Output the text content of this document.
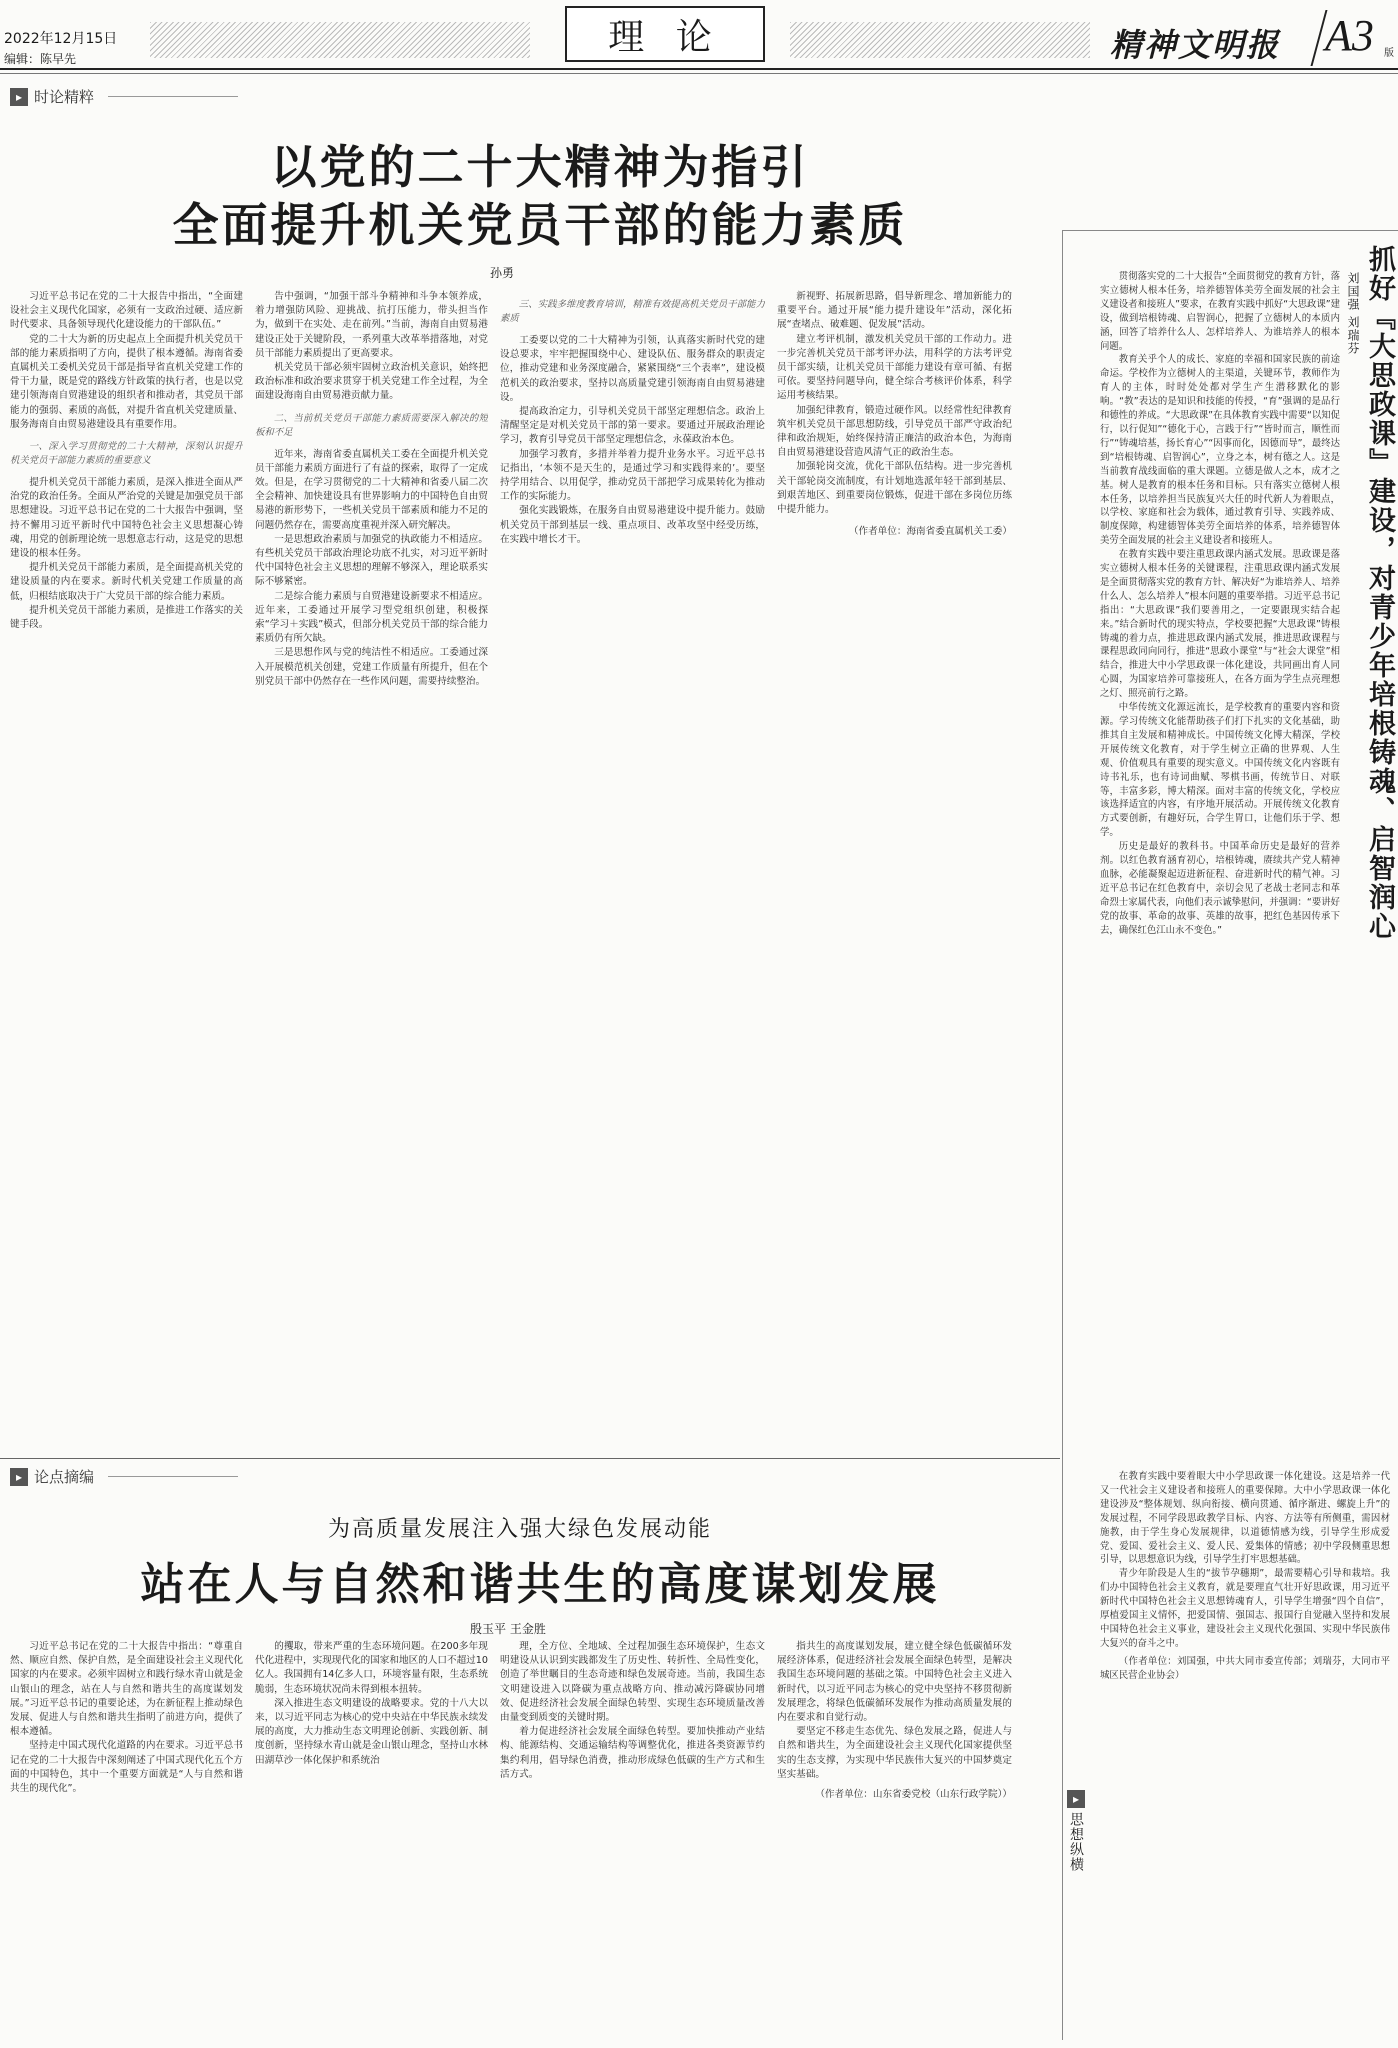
2022年12月15日
编辑：陈早先
理 论	精神文明报 A3 版
▸ 时论精粹
以党的二十大精神为指引
全面提升机关党员干部的能力素质
孙勇

习近平总书记在党的二十大报告中指出，“全面建设社会主义现代化国家，必须有一支政治过硬、适应新时代要求、具备领导现代化建设能力的干部队伍。”

党的二十大为新的历史起点上全面提升机关党员干部的能力素质指明了方向，提供了根本遵循。海南省委直属机关工委机关党员干部是指导省直机关党建工作的骨干力量，既是党的路线方针政策的执行者，也是以党建引领海南自贸港建设的组织者和推动者，其党员干部能力的强弱、素质的高低，对提升省直机关党建质量、服务海南自由贸易港建设具有重要作用。

一、深入学习贯彻党的二十大精神，深刻认识提升机关党员干部能力素质的重要意义

提升机关党员干部能力素质，是深入推进全面从严治党的政治任务。全面从严治党的关键是加强党员干部思想建设。习近平总书记在党的二十大报告中强调，坚持不懈用习近平新时代中国特色社会主义思想凝心铸魂，用党的创新理论统一思想意志行动，这是党的思想建设的根本任务。

提升机关党员干部能力素质，是全面提高机关党的建设质量的内在要求。新时代机关党建工作质量的高低，归根结底取决于广大党员干部的综合能力素质。

提升机关党员干部能力素质，是推进工作落实的关键手段。

告中强调，“加强干部斗争精神和斗争本领养成，着力增强防风险、迎挑战、抗打压能力，带头担当作为，做到干在实处、走在前列。”当前，海南自由贸易港建设正处于关键阶段，一系列重大改革举措落地，对党员干部能力素质提出了更高要求。

机关党员干部必须牢固树立政治机关意识，始终把政治标准和政治要求贯穿于机关党建工作全过程，为全面建设海南自由贸易港贡献力量。

二、当前机关党员干部能力素质需要深入解决的短板和不足

近年来，海南省委直属机关工委在全面提升机关党员干部能力素质方面进行了有益的探索，取得了一定成效。但是，在学习贯彻党的二十大精神和省委八届二次全会精神、加快建设具有世界影响力的中国特色自由贸易港的新形势下，一些机关党员干部素质和能力不足的问题仍然存在，需要高度重视并深入研究解决。

一是思想政治素质与加强党的执政能力不相适应。有些机关党员干部政治理论功底不扎实，对习近平新时代中国特色社会主义思想的理解不够深入，理论联系实际不够紧密。

二是综合能力素质与自贸港建设新要求不相适应。近年来，工委通过开展学习型党组织创建，积极探索“学习＋实践”模式，但部分机关党员干部的综合能力素质仍有所欠缺。

三是思想作风与党的纯洁性不相适应。工委通过深入开展模范机关创建，党建工作质量有所提升，但在个别党员干部中仍然存在一些作风问题，需要持续整治。

三、实践多维度教育培训，精准有效提高机关党员干部能力素质

工委要以党的二十大精神为引领，认真落实新时代党的建设总要求，牢牢把握围绕中心、建设队伍、服务群众的职责定位，推动党建和业务深度融合，紧紧围绕“三个表率”，建设模范机关的政治要求，坚持以高质量党建引领海南自由贸易港建设。

提高政治定力，引导机关党员干部坚定理想信念。政治上清醒坚定是对机关党员干部的第一要求。要通过开展政治理论学习，教育引导党员干部坚定理想信念，永葆政治本色。

加强学习教育，多措并举着力提升业务水平。习近平总书记指出，‘本领不是天生的，是通过学习和实践得来的’。要坚持学用结合、以用促学，推动党员干部把学习成果转化为推动工作的实际能力。

强化实践锻炼，在服务自由贸易港建设中提升能力。鼓励机关党员干部到基层一线、重点项目、改革攻坚中经受历练，在实践中增长才干。

新视野、拓展新思路，倡导新理念、增加新能力的重要平台。通过开展“能力提升建设年”活动，深化拓展“查堵点、破难题、促发展”活动。

建立考评机制，激发机关党员干部的工作动力。进一步完善机关党员干部考评办法，用科学的方法考评党员干部实绩，让机关党员干部能力建设有章可循、有据可依。要坚持问题导向，健全综合考核评价体系，科学运用考核结果。

加强纪律教育，锻造过硬作风。以经常性纪律教育筑牢机关党员干部思想防线，引导党员干部严守政治纪律和政治规矩，始终保持清正廉洁的政治本色，为海南自由贸易港建设营造风清气正的政治生态。

加强轮岗交流，优化干部队伍结构。进一步完善机关干部轮岗交流制度，有计划地选派年轻干部到基层、到艰苦地区、到重要岗位锻炼，促进干部在多岗位历练中提升能力。

（作者单位：海南省委直属机关工委）

▸ 论点摘编
为高质量发展注入强大绿色发展动能
站在人与自然和谐共生的高度谋划发展
殷玉平 王金胜

习近平总书记在党的二十大报告中指出：“尊重自然、顺应自然、保护自然，是全面建设社会主义现代化国家的内在要求。必须牢固树立和践行绿水青山就是金山银山的理念，站在人与自然和谐共生的高度谋划发展。”习近平总书记的重要论述，为在新征程上推动绿色发展、促进人与自然和谐共生指明了前进方向，提供了根本遵循。

坚持走中国式现代化道路的内在要求。习近平总书记在党的二十大报告中深刻阐述了中国式现代化五个方面的中国特色，其中一个重要方面就是“人与自然和谐共生的现代化”。

的攫取，带来严重的生态环境问题。在200多年现代化进程中，实现现代化的国家和地区的人口不超过10亿人。我国拥有14亿多人口，环境容量有限，生态系统脆弱，生态环境状况尚未得到根本扭转。

深入推进生态文明建设的战略要求。党的十八大以来，以习近平同志为核心的党中央站在中华民族永续发展的高度，大力推动生态文明理论创新、实践创新、制度创新，坚持绿水青山就是金山银山理念，坚持山水林田湖草沙一体化保护和系统治

理，全方位、全地域、全过程加强生态环境保护，生态文明建设从认识到实践都发生了历史性、转折性、全局性变化，创造了举世瞩目的生态奇迹和绿色发展奇迹。当前，我国生态文明建设进入以降碳为重点战略方向、推动减污降碳协同增效、促进经济社会发展全面绿色转型、实现生态环境质量改善由量变到质变的关键时期。

着力促进经济社会发展全面绿色转型。要加快推动产业结构、能源结构、交通运输结构等调整优化，推进各类资源节约集约利用，倡导绿色消费，推动形成绿色低碳的生产方式和生活方式。

指共生的高度谋划发展，建立健全绿色低碳循环发展经济体系，促进经济社会发展全面绿色转型，是解决我国生态环境问题的基础之策。中国特色社会主义进入新时代，以习近平同志为核心的党中央坚持不移贯彻新发展理念，将绿色低碳循环发展作为推动高质量发展的内在要求和自觉行动。

要坚定不移走生态优先、绿色发展之路，促进人与自然和谐共生，为全面建设社会主义现代化国家提供坚实的生态支撑，为实现中华民族伟大复兴的中国梦奠定坚实基础。

（作者单位：山东省委党校（山东行政学院））

刘国强 刘瑞芬 抓好『大思政课』建设，对青少年培根铸魂、启智润心

贯彻落实党的二十大报告“全面贯彻党的教育方针，落实立德树人根本任务，培养德智体美劳全面发展的社会主义建设者和接班人”要求，在教育实践中抓好“大思政课”建设，做到培根铸魂、启智润心，把握了立德树人的本质内涵，回答了培养什么人、怎样培养人、为谁培养人的根本问题。

教育关乎个人的成长、家庭的幸福和国家民族的前途命运。学校作为立德树人的主渠道，关键环节，教师作为育人的主体，时时处处都对学生产生潜移默化的影响。“教”表达的是知识和技能的传授，“育”强调的是品行和德性的养成。“大思政课”在具体教育实践中需要“以知促行，以行促知”“德化于心，言践于行”“皆时而言，顺性而行”“铸魂培基，扬长育心”“因事而化，因德而导”，最终达到“培根铸魂、启智润心”，立身之本，树有德之人。这是当前教育战线面临的重大课题。立德是做人之本，成才之基。树人是教育的根本任务和目标。只有落实立德树人根本任务，以培养担当民族复兴大任的时代新人为着眼点，以学校、家庭和社会为载体，通过教育引导、实践养成、制度保障，构建德智体美劳全面培养的体系，培养德智体美劳全面发展的社会主义建设者和接班人。

在教育实践中要注重思政课内涵式发展。思政课是落实立德树人根本任务的关键课程，注重思政课内涵式发展是全面贯彻落实党的教育方针、解决好“为谁培养人、培养什么人、怎么培养人”根本问题的重要举措。习近平总书记指出：“大思政课”我们要善用之，一定要跟现实结合起来。”结合新时代的现实特点，学校要把握“大思政课”铸根铸魂的着力点，推进思政课内涵式发展，推进思政课程与课程思政同向同行，推进“思政小课堂”与“社会大课堂”相结合，推进大中小学思政课一体化建设，共同画出育人同心圆，为国家培养可靠接班人，在各方面为学生点亮理想之灯、照亮前行之路。

中华传统文化源远流长，是学校教育的重要内容和资源。学习传统文化能帮助孩子们打下扎实的文化基础，助推其自主发展和精神成长。中国传统文化博大精深，学校开展传统文化教育，对于学生树立正确的世界观、人生观、价值观具有重要的现实意义。中国传统文化内容既有诗书礼乐，也有诗词曲赋、琴棋书画，传统节日、对联等，丰富多彩，博大精深。面对丰富的传统文化，学校应该选择适宜的内容，有序地开展活动。开展传统文化教育方式要创新，有趣好玩，合学生胃口，让他们乐于学、想学。

历史是最好的教科书。中国革命历史是最好的营养剂。以红色教育涵育初心，培根铸魂，赓续共产党人精神血脉，必能凝聚起迈进新征程、奋进新时代的精气神。习近平总书记在红色教育中，亲切会见了老战士老同志和革命烈士家属代表，向他们表示诚挚慰问，并强调：“要讲好党的故事、革命的故事、英雄的故事，把红色基因传承下去，确保红色江山永不变色。”

▸
思想纵横

在教育实践中要着眼大中小学思政课一体化建设。这是培养一代又一代社会主义建设者和接班人的重要保障。大中小学思政课一体化建设涉及“整体规划、纵向衔接、横向贯通、循序渐进、螺旋上升”的发展过程，不同学段思政教学目标、内容、方法等有所侧重，需因材施教，由于学生身心发展规律，以道德情感为线，引导学生形成爱党、爱国、爱社会主义、爱人民、爱集体的情感；初中学段侧重思想引导，以思想意识为线，引导学生打牢思想基础。

青少年阶段是人生的“拔节孕穗期”，最需要精心引导和栽培。我们办中国特色社会主义教育，就是要理直气壮开好思政课，用习近平新时代中国特色社会主义思想铸魂育人，引导学生增强“四个自信”，厚植爱国主义情怀，把爱国情、强国志、报国行自觉融入坚持和发展中国特色社会主义事业，建设社会主义现代化强国、实现中华民族伟大复兴的奋斗之中。

（作者单位：刘国强，中共大同市委宣传部；刘瑞芬，大同市平城区民营企业协会）
